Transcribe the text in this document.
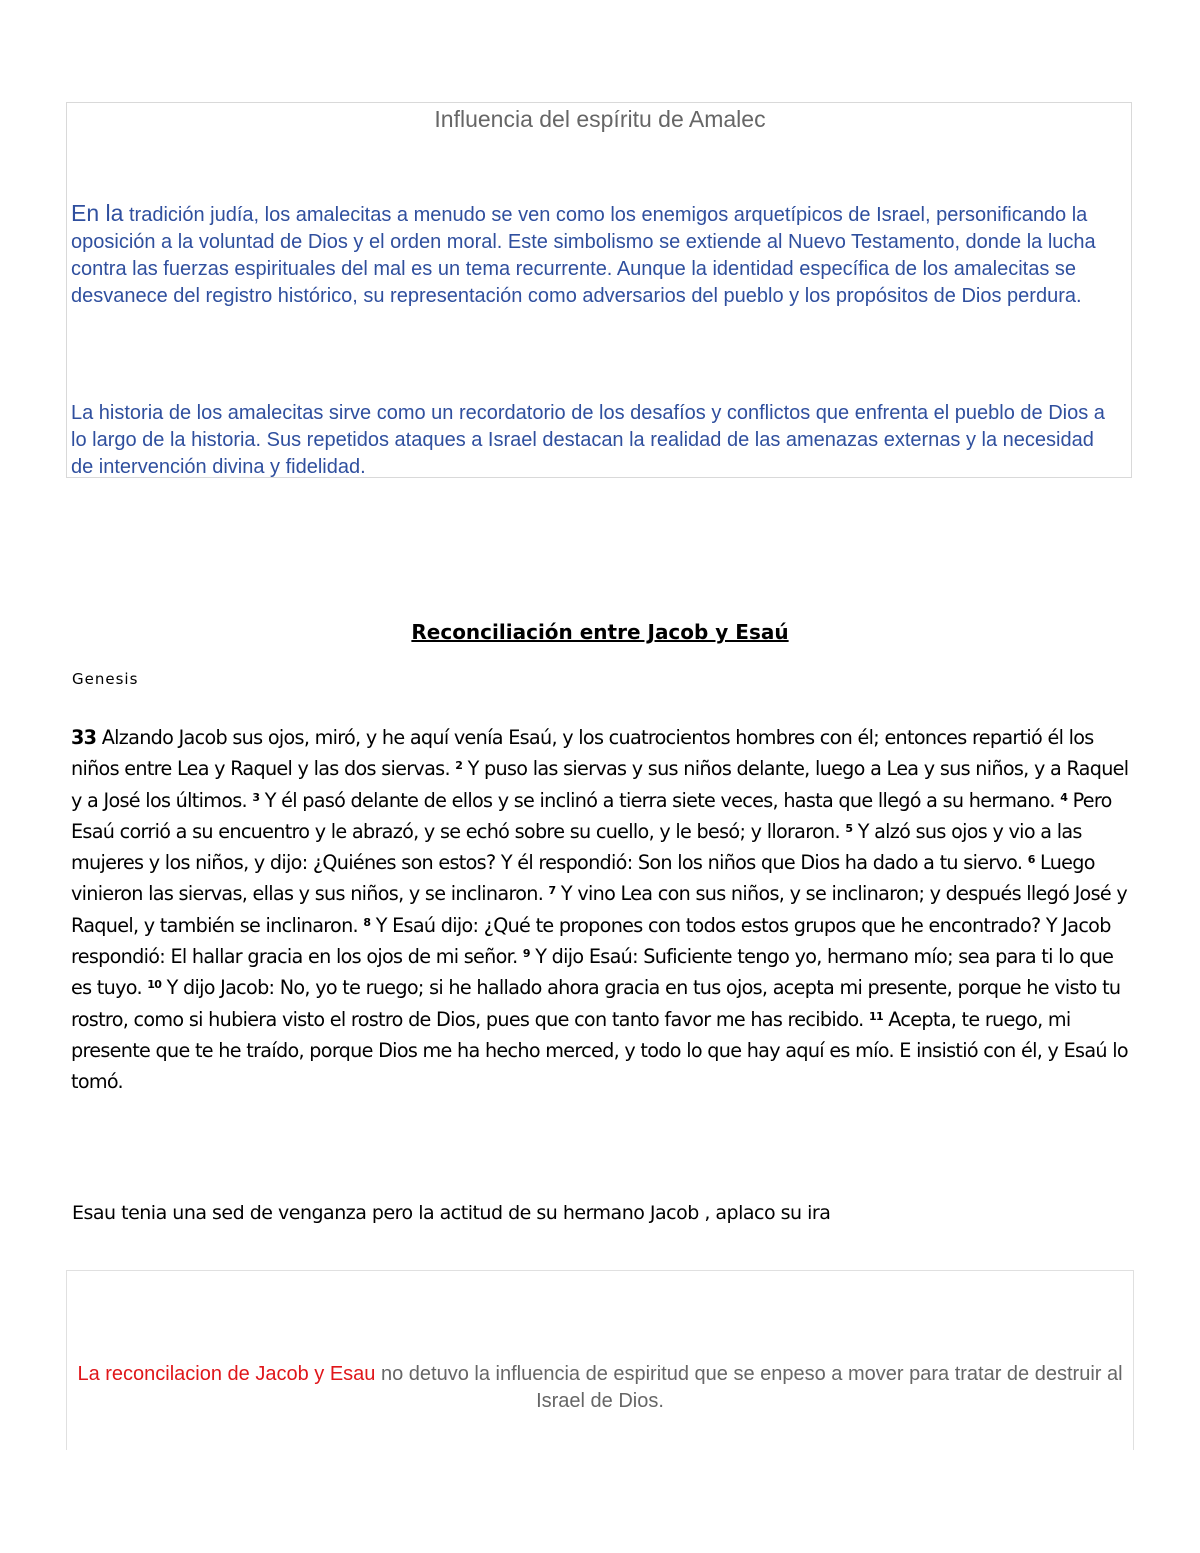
Influencia del espíritu de Amalec
En la tradición judía, los amalecitas a menudo se ven como los enemigos arquetípicos de Israel, personificando la oposición a la voluntad de Dios y el orden moral. Este simbolismo se extiende al Nuevo Testamento, donde la lucha contra las fuerzas espirituales del mal es un tema recurrente. Aunque la identidad específica de los amalecitas se desvanece del registro histórico, su representación como adversarios del pueblo y los propósitos de Dios perdura.
La historia de los amalecitas sirve como un recordatorio de los desafíos y conflictos que enfrenta el pueblo de Dios a lo largo de la historia. Sus repetidos ataques a Israel destacan la realidad de las amenazas externas y la necesidad de intervención divina y fidelidad.
Reconciliación entre Jacob y Esaú
Genesis
33 Alzando Jacob sus ojos, miró, y he aquí venía Esaú, y los cuatrocientos hombres con él; entonces repartió él los niños entre Lea y Raquel y las dos siervas. $^2$ Y puso las siervas y sus niños delante, luego a Lea y sus niños, y a Raquel y a José los últimos. $^3$ Y él pasó delante de ellos y se inclinó a tierra siete veces, hasta que llegó a su hermano. $^4$ Pero Esaú corrió a su encuentro y le abrazó, y se echó sobre su cuello, y le besó; y lloraron. $^5$ Y alzó sus ojos y vio a las mujeres y los niños, y dijo: ¿Quiénes son estos? Y él respondió: Son los niños que Dios ha dado a tu siervo. $^6$ Luego vinieron las siervas, ellas y sus niños, y se inclinaron. $^7$ Y vino Lea con sus niños, y se inclinaron; y después llegó José y Raquel, y también se inclinaron. $^8$ Y Esaú dijo: ¿Qué te propones con todos estos grupos que he encontrado? Y Jacob respondió: El hallar gracia en los ojos de mi señor. $^9$ Y dijo Esaú: Suficiente tengo yo, hermano mío; sea para ti lo que es tuyo. $^{10}$ Y dijo Jacob: No, yo te ruego; si he hallado ahora gracia en tus ojos, acepta mi presente, porque he visto tu rostro, como si hubiera visto el rostro de Dios, pues que con tanto favor me has recibido. $^{11}$ Acepta, te ruego, mi presente que te he traído, porque Dios me ha hecho merced, y todo lo que hay aquí es mío. E insistió con él, y Esaú lo tomó.
Esau tenia una sed de venganza pero la actitud de su hermano Jacob , aplaco su ira
La reconcilacion de Jacob y Esau no detuvo la influencia de espiritud que se enpeso a mover para tratar de destruir al Israel de Dios.
